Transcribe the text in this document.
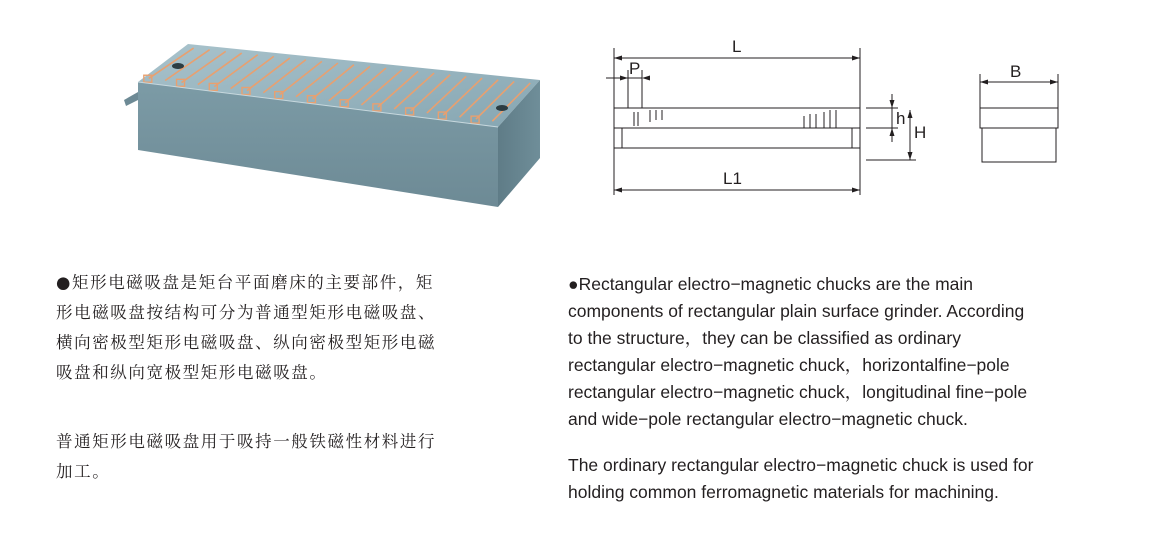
L
P
L1
h
H
B
●矩形电磁吸盘是矩台平面磨床的主要部件，矩
形电磁吸盘按结构可分为普通型矩形电磁吸盘、
横向密极型矩形电磁吸盘、纵向密极型矩形电磁
吸盘和纵向宽极型矩形电磁吸盘。
普通矩形电磁吸盘用于吸持一般铁磁性材料进行
加工。
●Rectangular electro−magnetic chucks are the main
components of rectangular plain surface grinder. According
to the structure，they can be classified as ordinary
rectangular electro−magnetic chuck，horizontalfine−pole
rectangular electro−magnetic chuck，longitudinal fine−pole
and wide−pole rectangular electro−magnetic chuck.
The ordinary rectangular electro−magnetic chuck is used for
holding common ferromagnetic materials for machining.
